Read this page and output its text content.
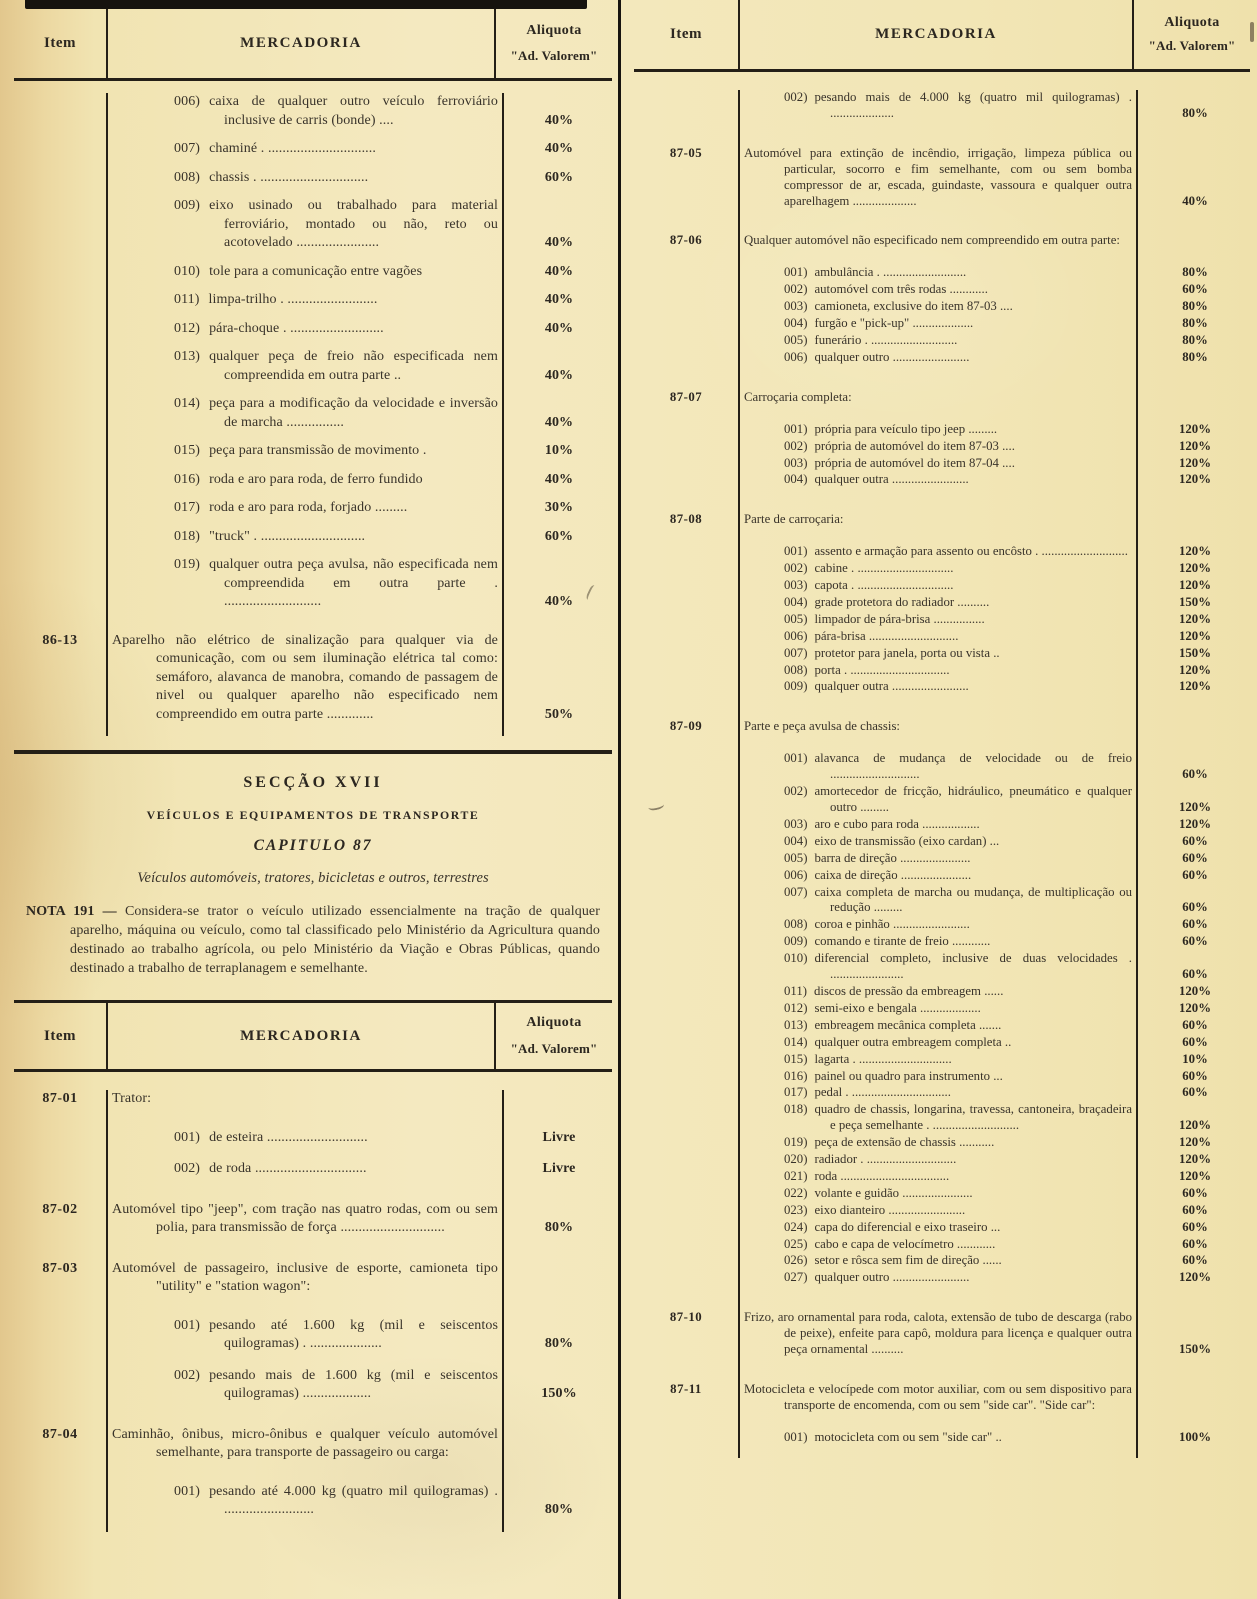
Item	MERCADORIA
Aliquota
"Ad. Valorem"
006) caixa de qualquer outro veículo ferroviário inclusive de carris (bonde) ....	40%
007) chaminé . ..............................	40%
008) chassis . ..............................	60%
009) eixo usinado ou trabalhado para material ferroviário, montado ou não, reto ou acotovelado .......................	40%
010) tole para a comunicação entre vagões	40%
011) limpa-trilho . .........................	40%
012) pára-choque . ..........................	40%
013) qualquer peça de freio não especificada nem compreendida em outra parte ..	40%
014) peça para a modificação da velocidade e inversão de marcha ................	40%
015) peça para transmissão de movimento .	10%
016) roda e aro para roda, de ferro fundido	40%
017) roda e aro para roda, forjado .........	30%
018) "truck" . .............................	60%
019) qualquer outra peça avulsa, não especificada nem compreendida em outra parte . ...........................	40%
86-13	Aparelho não elétrico de sinalização para qualquer via de comunicação, com ou sem iluminação elétrica tal como: semáforo, alavanca de manobra, comando de passagem de nivel ou qualquer aparelho não especificado nem compreendido em outra parte .............	50%
SECÇÃO XVII
VEÍCULOS E EQUIPAMENTOS DE TRANSPORTE
CAPITULO 87
Veículos automóveis, tratores, bicicletas e outros, terrestres
NOTA 191 — Considera-se trator o veículo utilizado essencialmente na tração de qualquer aparelho, máquina ou veículo, como tal classificado pelo Ministério da Agricultura quando destinado ao trabalho agrícola, ou pelo Ministério da Viação e Obras Públicas, quando destinado a trabalho de terraplanagem e semelhante.
Item	MERCADORIA
Aliquota
"Ad. Valorem"
87-01	Trator:
001) de esteira ............................	Livre
002) de roda ...............................	Livre
87-02	Automóvel tipo "jeep", com tração nas quatro rodas, com ou sem polia, para transmissão de força .............................	80%
87-03	Automóvel de passageiro, inclusive de esporte, camioneta tipo "utility" e "station wagon":
001) pesando até 1.600 kg (mil e seiscentos quilogramas) . ....................	80%
002) pesando mais de 1.600 kg (mil e seiscentos quilogramas) ...................	150%
87-04	Caminhão, ônibus, micro-ônibus e qualquer veículo automóvel semelhante, para transporte de passageiro ou carga:
001) pesando até 4.000 kg (quatro mil quilogramas) . .........................	80%
Item	MERCADORIA
Aliquota
"Ad. Valorem"
002) pesando mais de 4.000 kg (quatro mil quilogramas) . ....................	80%
87-05	Automóvel para extinção de incêndio, irrigação, limpeza pública ou particular, socorro e fim semelhante, com ou sem bomba compressor de ar, escada, guindaste, vassoura e qualquer outra aparelhagem ....................	40%
87-06	Qualquer automóvel não especificado nem compreendido em outra parte:
001) ambulância . ..........................	80%
002) automóvel com três rodas ............	60%
003) camioneta, exclusive do item 87-03 ....	80%
004) furgão e "pick-up" ...................	80%
005) funerário . ...........................	80%
006) qualquer outro ........................	80%
87-07	Carroçaria completa:
001) própria para veículo tipo jeep .........	120%
002) própria de automóvel do item 87-03 ....	120%
003) própria de automóvel do item 87-04 ....	120%
004) qualquer outra ........................	120%
87-08	Parte de carroçaria:
001) assento e armação para assento ou encôsto . ...........................	120%
002) cabine . ..............................	120%
003) capota . ..............................	120%
004) grade protetora do radiador ..........	150%
005) limpador de pára-brisa ................	120%
006) pára-brisa ............................	120%
007) protetor para janela, porta ou vista ..	150%
008) porta . ...............................	120%
009) qualquer outra ........................	120%
87-09	Parte e peça avulsa de chassis:
001) alavanca de mudança de velocidade ou de freio ............................	60%
002) amortecedor de fricção, hidráulico, pneumático e qualquer outro .........	120%
003) aro e cubo para roda ..................	120%
004) eixo de transmissão (eixo cardan) ...	60%
005) barra de direção ......................	60%
006) caixa de direção ......................	60%
007) caixa completa de marcha ou mudança, de multiplicação ou redução .........	60%
008) coroa e pinhão ........................	60%
009) comando e tirante de freio ............	60%
010) diferencial completo, inclusive de duas velocidades . .......................	60%
011) discos de pressão da embreagem ......	120%
012) semi-eixo e bengala ...................	120%
013) embreagem mecânica completa .......	60%
014) qualquer outra embreagem completa ..	60%
015) lagarta . .............................	10%
016) painel ou quadro para instrumento ...	60%
017) pedal . ...............................	60%
018) quadro de chassis, longarina, travessa, cantoneira, braçadeira e peça semelhante . ...........................	120%
019) peça de extensão de chassis ...........	120%
020) radiador . ............................	120%
021) roda ..................................	120%
022) volante e guidão ......................	60%
023) eixo dianteiro ........................	60%
024) capa do diferencial e eixo traseiro ...	60%
025) cabo e capa de velocímetro ............	60%
026) setor e rôsca sem fim de direção ......	60%
027) qualquer outro ........................	120%
87-10	Frizo, aro ornamental para roda, calota, extensão de tubo de descarga (rabo de peixe), enfeite para capô, moldura para licença e qualquer outra peça ornamental ..........	150%
87-11	Motocicleta e velocípede com motor auxiliar, com ou sem dispositivo para transporte de encomenda, com ou sem "side car". "Side car":
001) motocicleta com ou sem "side car" ..	100%
